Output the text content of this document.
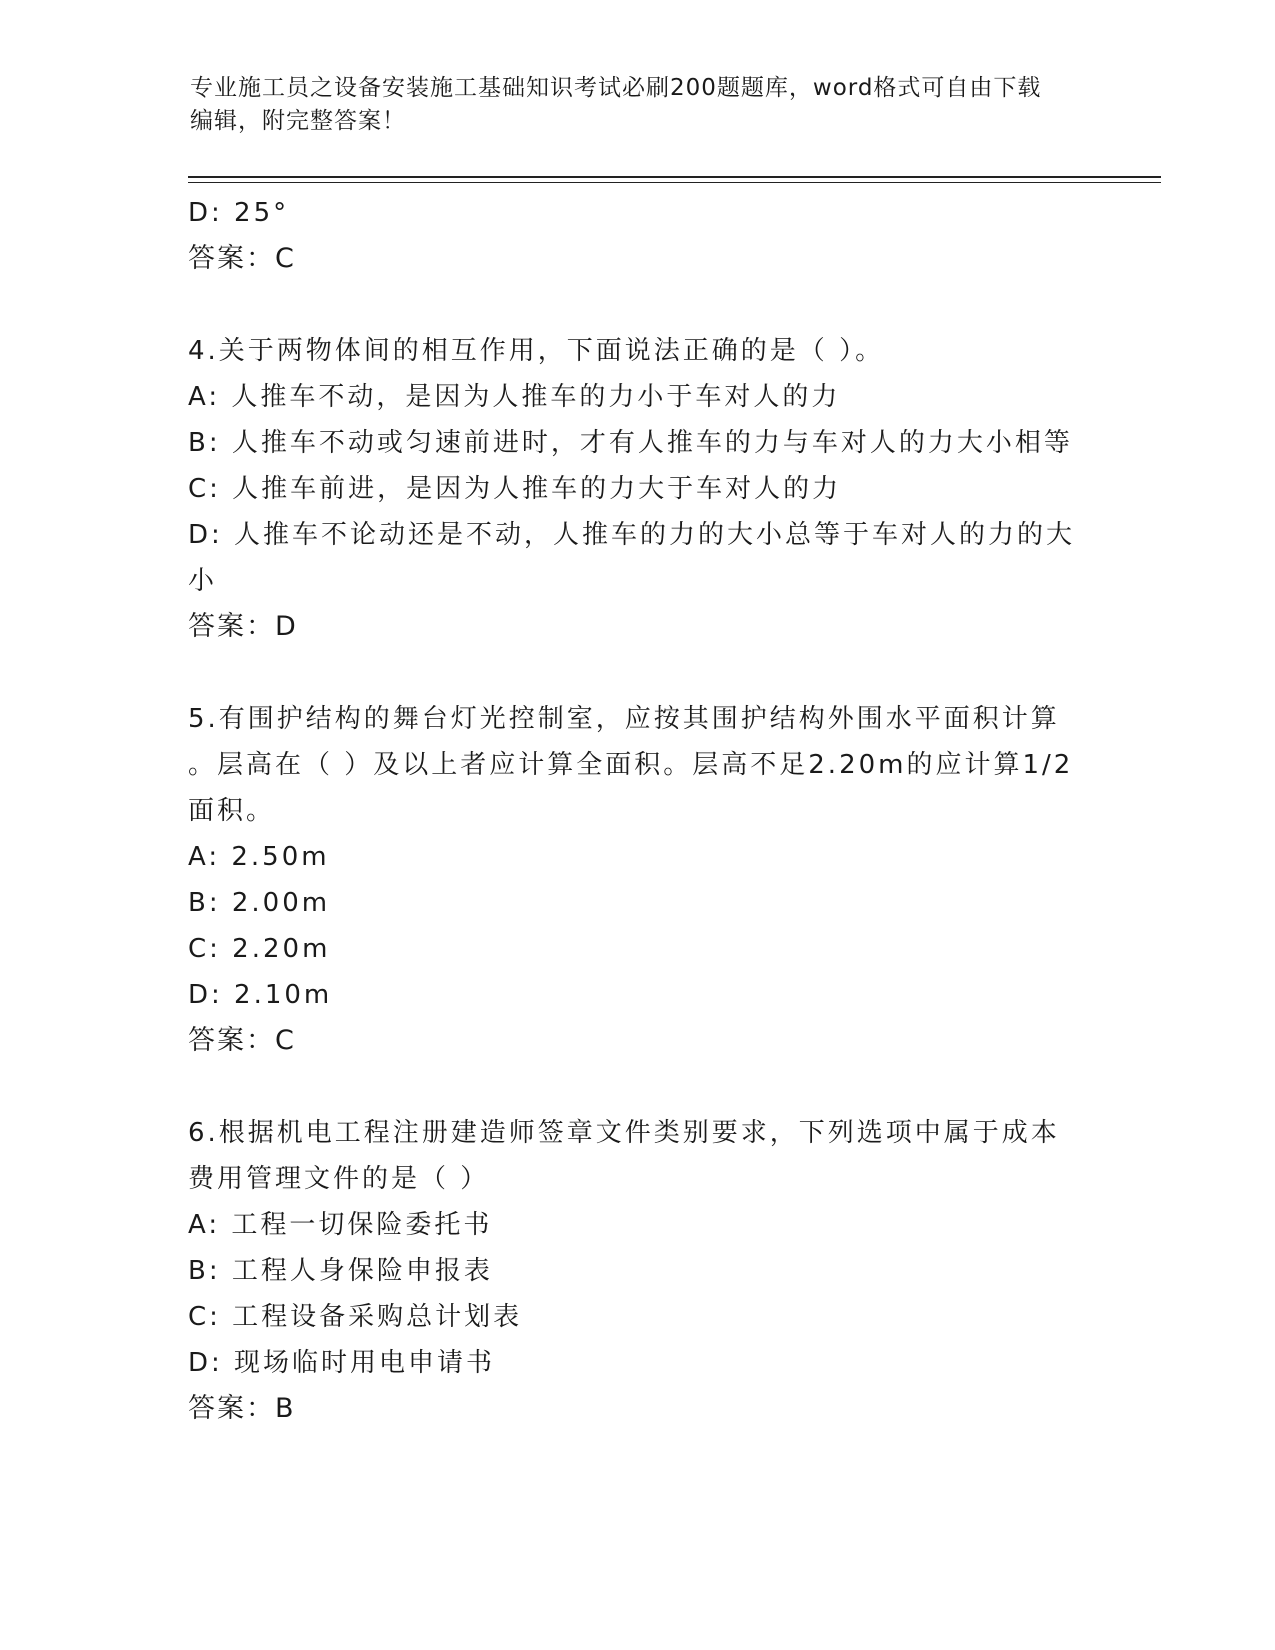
专业施工员之设备安装施工基础知识考试必刷200题题库，word格式可自由下载
编辑，附完整答案！
D: 25°
答案：C
4.关于两物体间的相互作用，下面说法正确的是（ ）。
A: 人推车不动，是因为人推车的力小于车对人的力
B: 人推车不动或匀速前进时，才有人推车的力与车对人的力大小相等
C: 人推车前进，是因为人推车的力大于车对人的力
D: 人推车不论动还是不动，人推车的力的大小总等于车对人的力的大
小
答案：D
5.有围护结构的舞台灯光控制室，应按其围护结构外围水平面积计算
。层高在（ ）及以上者应计算全面积。层高不足2.20m的应计算1/2
面积。
A: 2.50m
B: 2.00m
C: 2.20m
D: 2.10m
答案：C
6.根据机电工程注册建造师签章文件类别要求，下列选项中属于成本
费用管理文件的是（ ）
A: 工程一切保险委托书
B: 工程人身保险申报表
C: 工程设备采购总计划表
D: 现场临时用电申请书
答案：B
